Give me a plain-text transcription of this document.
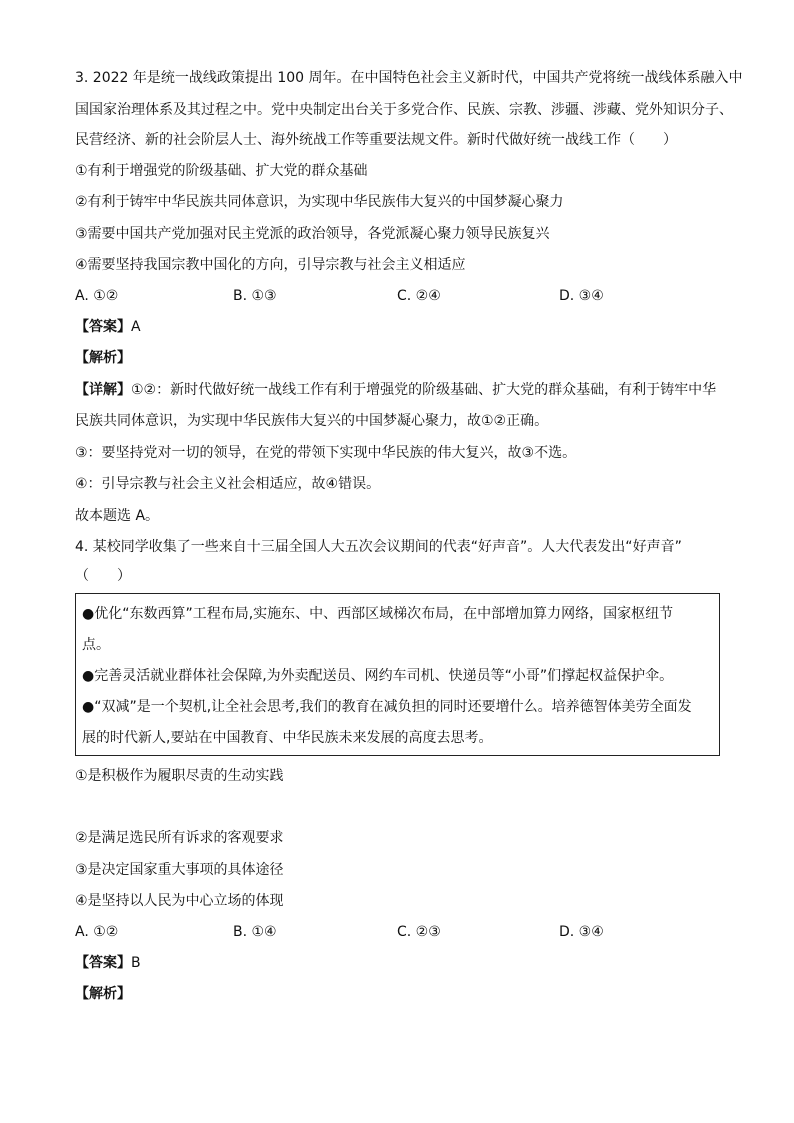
3. 2022 年是统一战线政策提出 100 周年。在中国特色社会主义新时代，中国共产党将统一战线体系融入中
国国家治理体系及其过程之中。党中央制定出台关于多党合作、民族、宗教、涉疆、涉藏、党外知识分子、
民营经济、新的社会阶层人士、海外统战工作等重要法规文件。新时代做好统一战线工作（　　）
①有利于增强党的阶级基础、扩大党的群众基础
②有利于铸牢中华民族共同体意识，为实现中华民族伟大复兴的中国梦凝心聚力
③需要中国共产党加强对民主党派的政治领导，各党派凝心聚力领导民族复兴
④需要坚持我国宗教中国化的方向，引导宗教与社会主义相适应
A. ①②	B. ①③	C. ②④	D. ③④
【答案】A
【解析】
【详解】①②：新时代做好统一战线工作有利于增强党的阶级基础、扩大党的群众基础，有利于铸牢中华
民族共同体意识，为实现中华民族伟大复兴的中国梦凝心聚力，故①②正确。
③：要坚持党对一切的领导，在党的带领下实现中华民族的伟大复兴，故③不选。
④：引导宗教与社会主义社会相适应，故④错误。
故本题选 A。
4. 某校同学收集了一些来自十三届全国人大五次会议期间的代表“好声音”。人大代表发出“好声音”
（　　）
●优化“东数西算”工程布局,实施东、中、西部区域梯次布局，在中部增加算力网络，国家枢纽节
点。
●完善灵活就业群体社会保障,为外卖配送员、网约车司机、快递员等“小哥”们撑起权益保护伞。
●“双减”是一个契机,让全社会思考,我们的教育在减负担的同时还要增什么。培养德智体美劳全面发
展的时代新人,要站在中国教育、中华民族未来发展的高度去思考。
①是积极作为履职尽责的生动实践
②是满足选民所有诉求的客观要求
③是决定国家重大事项的具体途径
④是坚持以人民为中心立场的体现
A. ①②	B. ①④	C. ②③	D. ③④
【答案】B
【解析】
